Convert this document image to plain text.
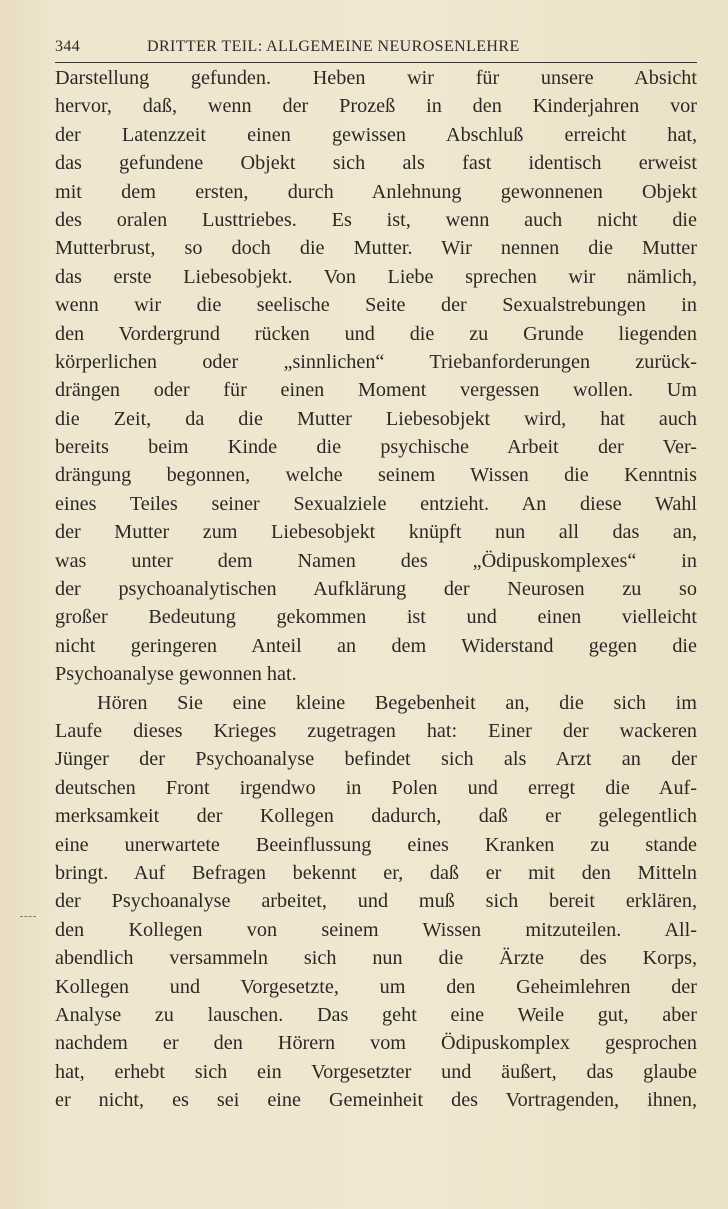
344	DRITTER TEIL: ALLGEMEINE NEUROSENLEHRE
Darstellung gefunden. Heben wir für unsere Absicht
hervor, daß, wenn der Prozeß in den Kinderjahren vor
der Latenzzeit einen gewissen Abschluß erreicht hat,
das gefundene Objekt sich als fast identisch erweist
mit dem ersten, durch Anlehnung gewonnenen Objekt
des oralen Lusttriebes. Es ist, wenn auch nicht die
Mutterbrust, so doch die Mutter. Wir nennen die Mutter
das erste Liebesobjekt. Von Liebe sprechen wir nämlich,
wenn wir die seelische Seite der Sexualstrebungen in
den Vordergrund rücken und die zu Grunde liegenden
körperlichen oder „sinnlichen“ Triebanforderungen zurück-
drängen oder für einen Moment vergessen wollen. Um
die Zeit, da die Mutter Liebesobjekt wird, hat auch
bereits beim Kinde die psychische Arbeit der Ver-
drängung begonnen, welche seinem Wissen die Kenntnis
eines Teiles seiner Sexualziele entzieht. An diese Wahl
der Mutter zum Liebesobjekt knüpft nun all das an,
was unter dem Namen des „Ödipuskomplexes“ in
der psychoanalytischen Aufklärung der Neurosen zu so
großer Bedeutung gekommen ist und einen vielleicht
nicht geringeren Anteil an dem Widerstand gegen die
Psychoanalyse gewonnen hat.
Hören Sie eine kleine Begebenheit an, die sich im
Laufe dieses Krieges zugetragen hat: Einer der wackeren
Jünger der Psychoanalyse befindet sich als Arzt an der
deutschen Front irgendwo in Polen und erregt die Auf-
merksamkeit der Kollegen dadurch, daß er gelegentlich
eine unerwartete Beeinflussung eines Kranken zu stande
bringt. Auf Befragen bekennt er, daß er mit den Mitteln
der Psychoanalyse arbeitet, und muß sich bereit erklären,
den Kollegen von seinem Wissen mitzuteilen. All-
abendlich versammeln sich nun die Ärzte des Korps,
Kollegen und Vorgesetzte, um den Geheimlehren der
Analyse zu lauschen. Das geht eine Weile gut, aber
nachdem er den Hörern vom Ödipuskomplex gesprochen
hat, erhebt sich ein Vorgesetzter und äußert, das glaube
er nicht, es sei eine Gemeinheit des Vortragenden, ihnen,
